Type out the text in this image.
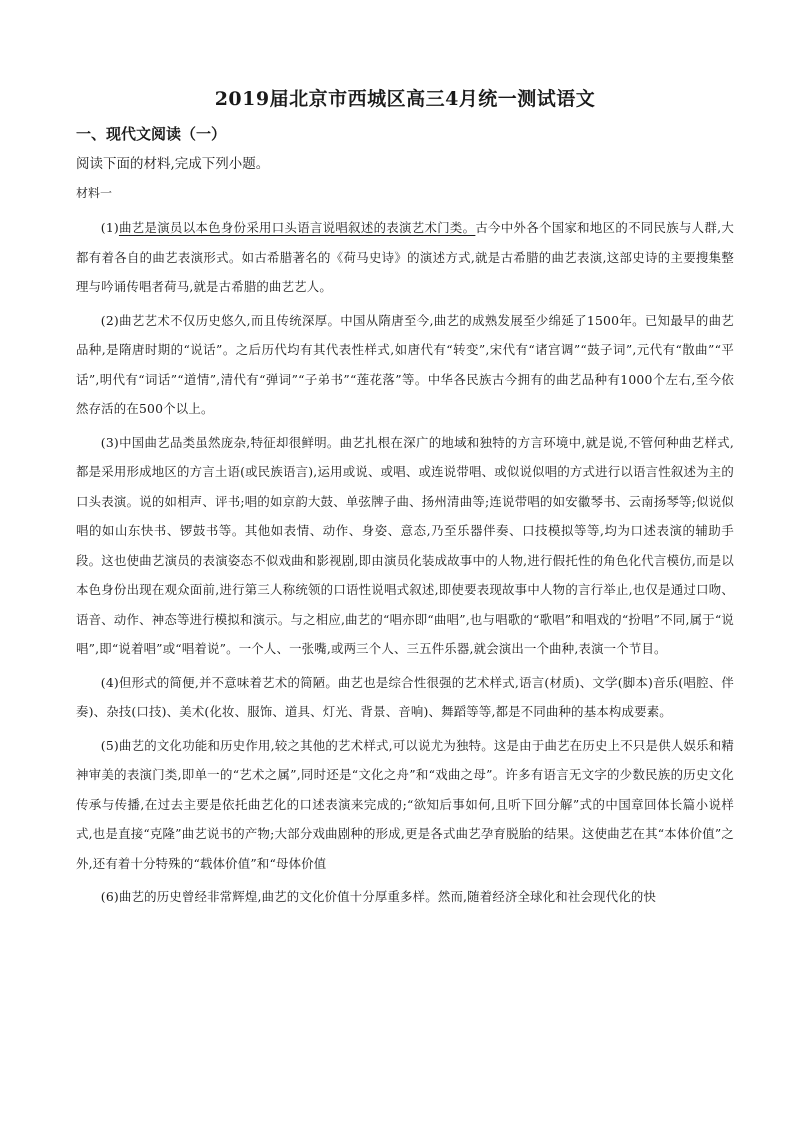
2019届北京市西城区高三4月统一测试语文
一、现代文阅读（一）
阅读下面的材料,完成下列小题。
材料一

(1)曲艺是演员以本色身份采用口头语言说唱叙述的表演艺术门类。古今中外各个国家和地区的不同民族与人群,大都有着各自的曲艺表演形式。如古希腊著名的《荷马史诗》的演述方式,就是古希腊的曲艺表演,这部史诗的主要搜集整理与吟诵传唱者荷马,就是古希腊的曲艺艺人。

(2)曲艺艺术不仅历史悠久,而且传统深厚。中国从隋唐至今,曲艺的成熟发展至少绵延了1500年。已知最早的曲艺品种,是隋唐时期的“说话”。之后历代均有其代表性样式,如唐代有“转变”,宋代有“诸宫调”“鼓子词”,元代有“散曲”“平话”,明代有“词话”“道情”,清代有“弹词”“子弟书”“莲花落”等。中华各民族古今拥有的曲艺品种有1000个左右,至今依然存活的在500个以上。

(3)中国曲艺品类虽然庞杂,特征却很鲜明。曲艺扎根在深广的地域和独特的方言环境中,就是说,不管何种曲艺样式,都是采用形成地区的方言土语(或民族语言),运用或说、或唱、或连说带唱、或似说似唱的方式进行以语言性叙述为主的口头表演。说的如相声、评书;唱的如京韵大鼓、单弦牌子曲、扬州清曲等;连说带唱的如安徽琴书、云南扬琴等;似说似唱的如山东快书、锣鼓书等。其他如表情、动作、身姿、意态,乃至乐器伴奏、口技模拟等等,均为口述表演的辅助手段。这也使曲艺演员的表演姿态不似戏曲和影视剧,即由演员化装成故事中的人物,进行假托性的角色化代言模仿,而是以本色身份出现在观众面前,进行第三人称统领的口语性说唱式叙述,即使要表现故事中人物的言行举止,也仅是通过口吻、语音、动作、神态等进行模拟和演示。与之相应,曲艺的“唱亦即“曲唱”,也与唱歌的“歌唱”和唱戏的“扮唱”不同,属于“说唱”,即“说着唱”或“唱着说”。一个人、一张嘴,或两三个人、三五件乐器,就会演出一个曲种,表演一个节目。

(4)但形式的简便,并不意味着艺术的简陋。曲艺也是综合性很强的艺术样式,语言(材质)、文学(脚本)音乐(唱腔、伴奏)、杂技(口技)、美术(化妆、服饰、道具、灯光、背景、音响)、舞蹈等等,都是不同曲种的基本构成要素。

(5)曲艺的文化功能和历史作用,较之其他的艺术样式,可以说尤为独特。这是由于曲艺在历史上不只是供人娱乐和精神审美的表演门类,即单一的“艺术之属”,同时还是“文化之舟”和“戏曲之母”。许多有语言无文字的少数民族的历史文化传承与传播,在过去主要是依托曲艺化的口述表演来完成的;“欲知后事如何,且听下回分解”式的中国章回体长篇小说样式,也是直接“克隆”曲艺说书的产物;大部分戏曲剧种的形成,更是各式曲艺孕育脱胎的结果。这使曲艺在其“本体价值”之外,还有着十分特殊的“载体价值”和“母体价值

(6)曲艺的历史曾经非常辉煌,曲艺的文化价值十分厚重多样。然而,随着经济全球化和社会现代化的快
